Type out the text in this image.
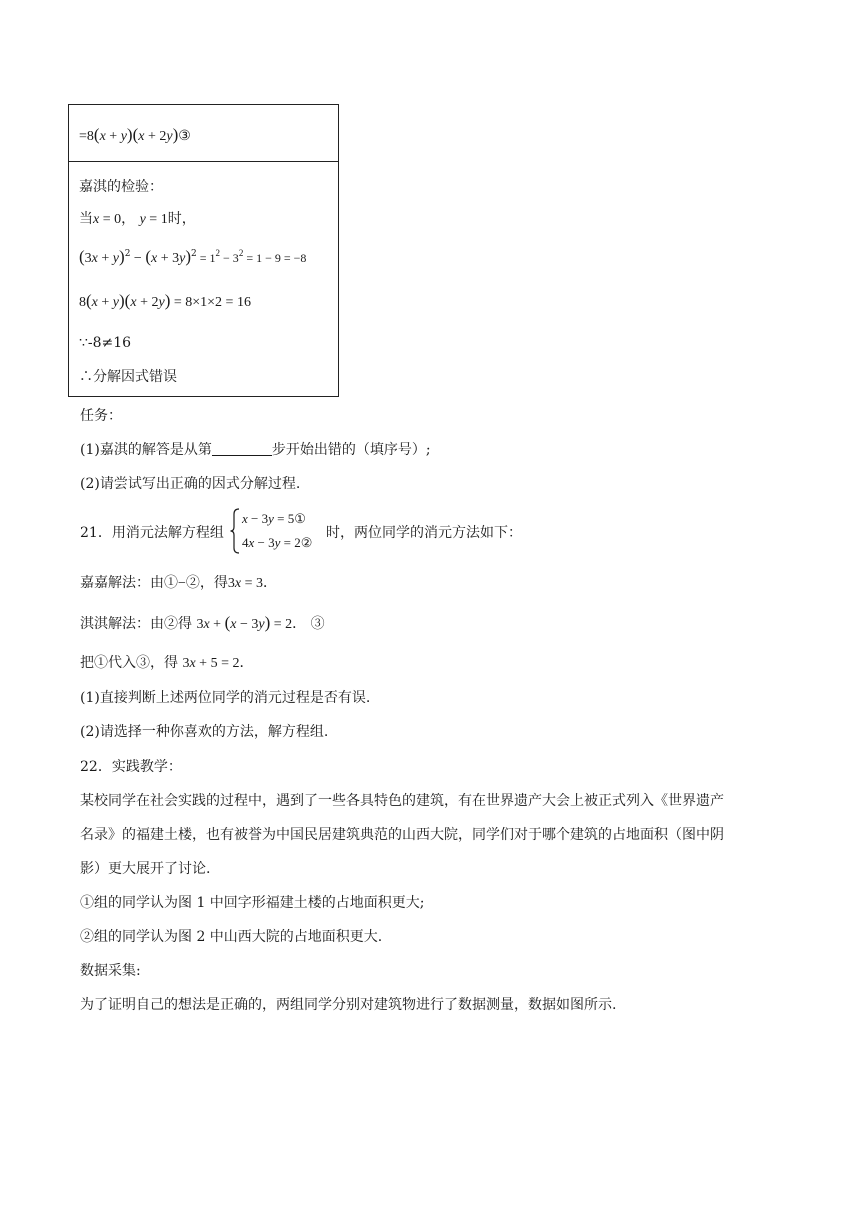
=8(x + y)(x + 2y)③
嘉淇的检验：
当x = 0， y = 1时，
$(3x + y)^2 - (x + 3y)^2 = 1^2 - 3^2 = 1 - 9 = -8$
8(x + y)(x + 2y) = 8×1×2 = 16
∵-8≠16
∴分解因式错误
任务：
(1)嘉淇的解答是从第	步开始出错的（填序号）;
(2)请尝试写出正确的因式分解过程.
21．用消元法解方程组
x − 3y = 5①
4x − 3y = 2②
时，两位同学的消元方法如下：
嘉嘉解法：由①−②，得3x = 3．
淇淇解法：由②得 3x + (x − 3y) = 2． ③
把①代入③，得 3x + 5 = 2．
(1)直接判断上述两位同学的消元过程是否有误.
(2)请选择一种你喜欢的方法，解方程组.
22．实践教学：
某校同学在社会实践的过程中，遇到了一些各具特色的建筑，有在世界遗产大会上被正式列入《世界遗产
名录》的福建土楼，也有被誉为中国民居建筑典范的山西大院，同学们对于哪个建筑的占地面积（图中阴
影）更大展开了讨论.
①组的同学认为图 1 中回字形福建土楼的占地面积更大;
②组的同学认为图 2 中山西大院的占地面积更大.
数据采集:
为了证明自己的想法是正确的，两组同学分别对建筑物进行了数据测量，数据如图所示.
